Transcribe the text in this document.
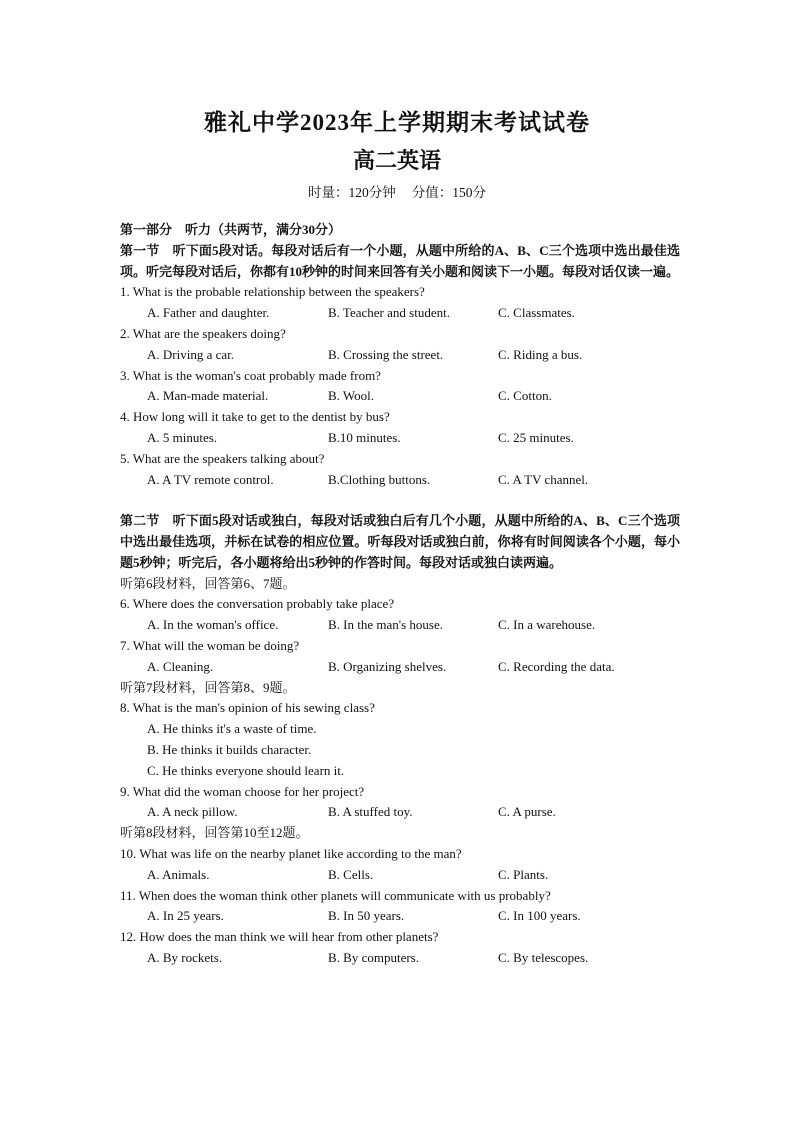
雅礼中学2023年上学期期末考试试卷
高二英语
时量：120分钟 分值：150分
第一部分　听力（共两节，满分30分）
第一节　听下面5段对话。每段对话后有一个小题，从题中所给的A、B、C三个选项中选出最佳选项。听完每段对话后，你都有10秒钟的时间来回答有关小题和阅读下一小题。每段对话仅读一遍。
1. What is the probable relationship between the speakers?
A. Father and daughter.	B. Teacher and student.	C. Classmates.
2. What are the speakers doing?
A. Driving a car.	B. Crossing the street.	C. Riding a bus.
3. What is the woman's coat probably made from?
A. Man-made material.	B. Wool.	C. Cotton.
4. How long will it take to get to the dentist by bus?
A. 5 minutes.	B.10 minutes.	C. 25 minutes.
5. What are the speakers talking about?
A. A TV remote control.	B.Clothing buttons.	C. A TV channel.
第二节　听下面5段对话或独白，每段对话或独白后有几个小题，从题中所给的A、B、C三个选项中选出最佳选项，并标在试卷的相应位置。听每段对话或独白前，你将有时间阅读各个小题，每小题5秒钟；听完后，各小题将给出5秒钟的作答时间。每段对话或独白读两遍。
听第6段材料，回答第6、7题。
6. Where does the conversation probably take place?
A. In the woman's office.	B. In the man's house.	C. In a warehouse.
7. What will the woman be doing?
A. Cleaning.	B. Organizing shelves.	C. Recording the data.
听第7段材料，回答第8、9题。
8. What is the man's opinion of his sewing class?
A. He thinks it's a waste of time.
B. He thinks it builds character.
C. He thinks everyone should learn it.
9. What did the woman choose for her project?
A. A neck pillow.	B. A stuffed toy.	C. A purse.
听第8段材料，回答第10至12题。
10. What was life on the nearby planet like according to the man?
A. Animals.	B. Cells.	C. Plants.
11. When does the woman think other planets will communicate with us probably?
A. In 25 years.	B. In 50 years.	C. In 100 years.
12. How does the man think we will hear from other planets?
A. By rockets.	B. By computers.	C. By telescopes.
